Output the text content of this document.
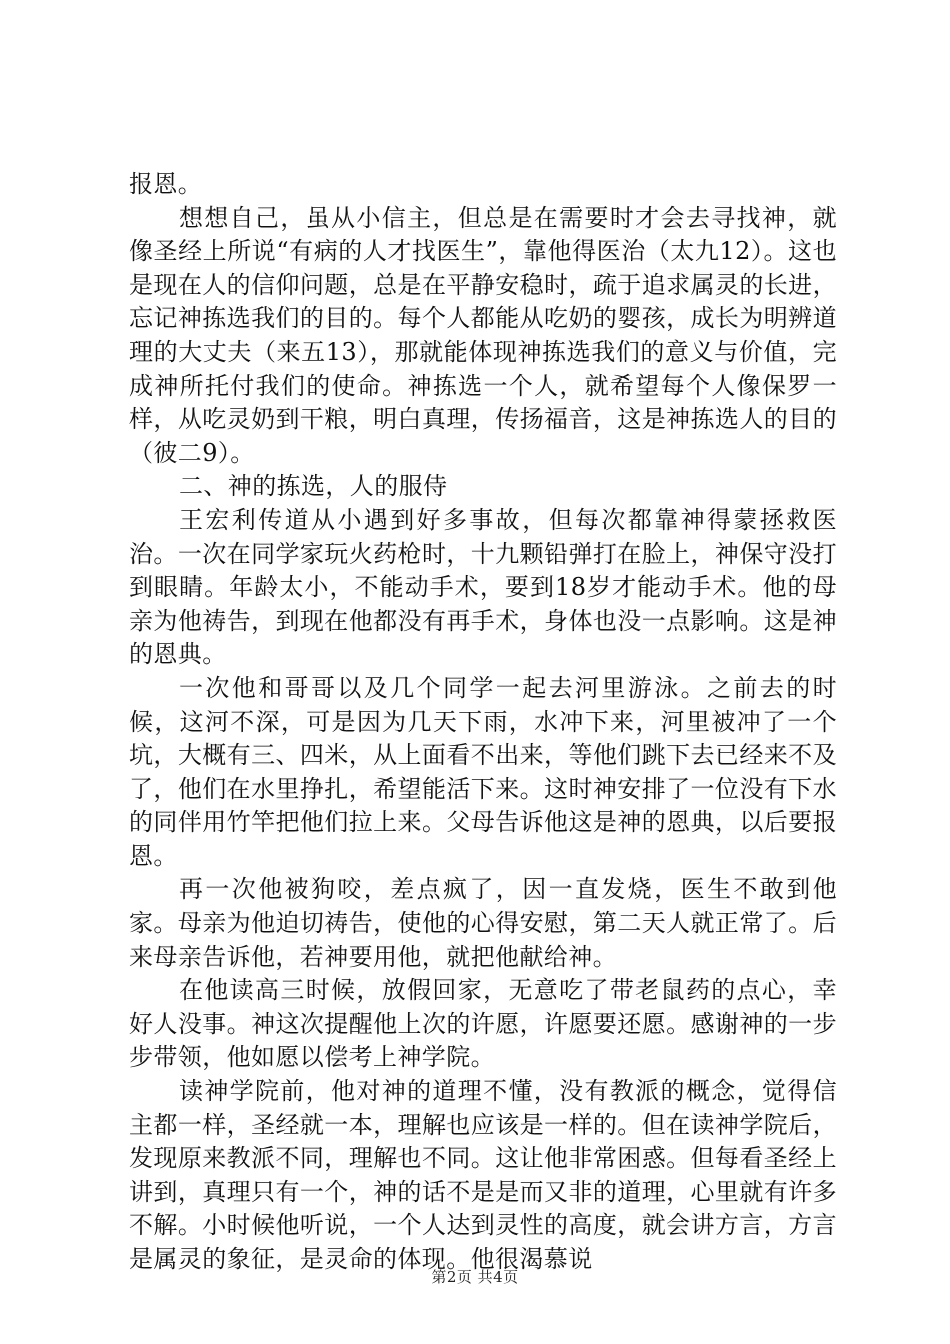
报恩。

想想自己，虽从小信主，但总是在需要时才会去寻找神，就像圣经上所说“有病的人才找医生”，靠他得医治（太九12）。这也是现在人的信仰问题，总是在平静安稳时，疏于追求属灵的长进，忘记神拣选我们的目的。每个人都能从吃奶的婴孩，成长为明辨道理的大丈夫（来五13），那就能体现神拣选我们的意义与价值，完成神所托付我们的使命。神拣选一个人，就希望每个人像保罗一样，从吃灵奶到干粮，明白真理，传扬福音，这是神拣选人的目的（彼二9）。

二、神的拣选，人的服侍

王宏利传道从小遇到好多事故，但每次都靠神得蒙拯救医治。一次在同学家玩火药枪时，十九颗铅弹打在脸上，神保守没打到眼睛。年龄太小，不能动手术，要到18岁才能动手术。他的母亲为他祷告，到现在他都没有再手术，身体也没一点影响。这是神的恩典。

一次他和哥哥以及几个同学一起去河里游泳。之前去的时候，这河不深，可是因为几天下雨，水冲下来，河里被冲了一个坑，大概有三、四米，从上面看不出来，等他们跳下去已经来不及了，他们在水里挣扎，希望能活下来。这时神安排了一位没有下水的同伴用竹竿把他们拉上来。父母告诉他这是神的恩典，以后要报恩。

再一次他被狗咬，差点疯了，因一直发烧，医生不敢到他家。母亲为他迫切祷告，使他的心得安慰，第二天人就正常了。后来母亲告诉他，若神要用他，就把他献给神。

在他读高三时候，放假回家，无意吃了带老鼠药的点心，幸好人没事。神这次提醒他上次的许愿，许愿要还愿。感谢神的一步步带领，他如愿以偿考上神学院。

读神学院前，他对神的道理不懂，没有教派的概念，觉得信主都一样，圣经就一本，理解也应该是一样的。但在读神学院后，发现原来教派不同，理解也不同。这让他非常困惑。但每看圣经上讲到，真理只有一个，神的话不是是而又非的道理，心里就有许多不解。小时候他听说，一个人达到灵性的高度，就会讲方言，方言是属灵的象征，是灵命的体现。他很渴慕说

第2页 共4页
